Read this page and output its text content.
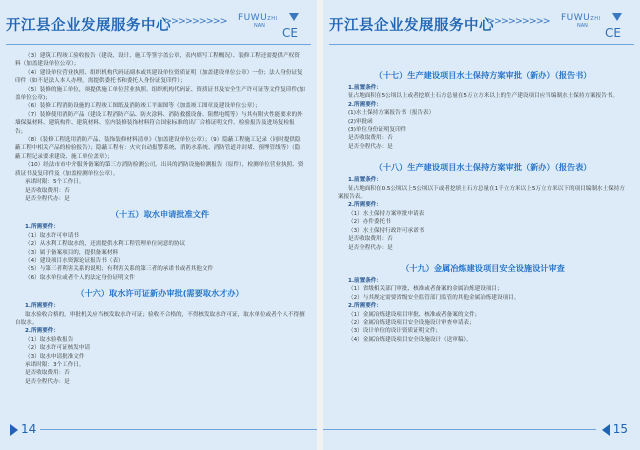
开江县企业发展服务中心
>>>>>>>>> FUWUZHI
NAN CE

（3）建筑工程竣工验收报告（建设、设计、施工等签字盖公章，表内填写工程概况）、装修工程还需提供产权资料（加盖建设单位公章）；

（4）建设单位营业执照、组织机构代码证副本或其建设单位资质证明（加盖建设单位公章）一份；法人身份证复印件（如不是法人本人办理，需提供委托书和委托人身份证复印件）；

（5）装修的施工单位，须提供施工单位营业执照、组织机构代码证、资质证书及安全生产许可证等文件复印件(加盖单位公章)；

（6）装修工程消防设施的工程竣工图纸及消防竣工平面图等（加盖竣工图章及建设单位公章）；

（7）装修使用消防产品（建设工程消防产品、防火涂料、消防救援设备、阻燃电缆等）与其有附火性能要求的外墙保温材料、建筑构件、建筑材料、室内装修装饰材料符合国家标准的出厂合格证明文件、检验报告及进场复检报告；

（8）《装修工程选用消防产品、装饰装修材料清单》（加盖建设单位公章）；（9）隐蔽工程施工记录（同时提供隐蔽工程中相关产品的检验报告）；隐蔽工程有：火灾自动报警系统、消防水系统、消防管道并封堵、预埋管线等）（隐蔽工程记录要求建设、施工单位盖章）；

（10）经法市市中介服务备案的第三方消防检测公司，出具的消防设施检测报告（原件），检测单位营业执照、资质证书及复印件及（加盖检测单位公章）。

承诺时限：5个工作日。

是否收取费用：否

是否全程代办：是

（十五）取水申请批准文件

1.所需要件：

（1）取水许可申请书

（2）从水利工程取水的，还需提供水利工程管理单位同意的协议

（3）属于备案项目的，提供备案材料

（4）建设项目水资源论证报告书（表）

（5）与第三者利害关系的说明；有利害关系的第三者的承诺书或者其他文件

（6）取水单位或者个人的法定身份证明文件

（十六）取水许可证新办审批(需要取水才办）

1.所需要件：

取水验收合格的，审批机关应当核发取水许可证；验收不合格的，不得核发取水许可证，取水单位或者个人不得擅自取水。

2.所需要件：

（1）取水验收报告

（2）取水许可证核发申请

（3）取水申请批准文件

承诺时限：3个工作日。

是否收取费用：否

是否全程代办：是

14
开江县企业发展服务中心
>>>>>>>>> FUWUZHI
NAN CE
（十七）生产建设项目水土保持方案审批（新办）（报告书）

1.前置条件：

征占地面积在5公顷以上或者挖填土石方总量在5万立方米以上的生产建设项目应当编制水土保持方案报告书。

2.所需要件：

(1)水土保持方案报告书（报告表）

(2)审批函

(3)单位身份证明复印件

是否收取费用：否

是否全程代办：是

（十八）生产建设项目水土保持方案审批（新办）（报告表）

1.前置条件：

征占地面积在0.5公顷以上5公顷以下或者挖填土石方总量在1千立方米以上5万立方米以下的项目编制水土保持方案报告表。

2.所需要件：

（1）水土保持方案审批申请表

（2）办件委托书

（3）水土保持行政许可承诺书

是否收取费用：否

是否全程代办：是

（十九）金属冶炼建设项目安全设施设计审查

1.前置条件：

（1）省级相关部门审批、核准或者备案的金属冶炼建设项目；

（2）与其规定需要省级安全监管部门监管的其他金属冶炼建设项目。

2.所需要件：

（1）金属冶炼建设项目审批、核准或者备案的文件；

（2）金属冶炼建设项目安全设施设计审查申请表；

（3）设计单位的设计资质证明文件；

（4）金属冶炼建设项目安全设施设计（送审稿）。

15
